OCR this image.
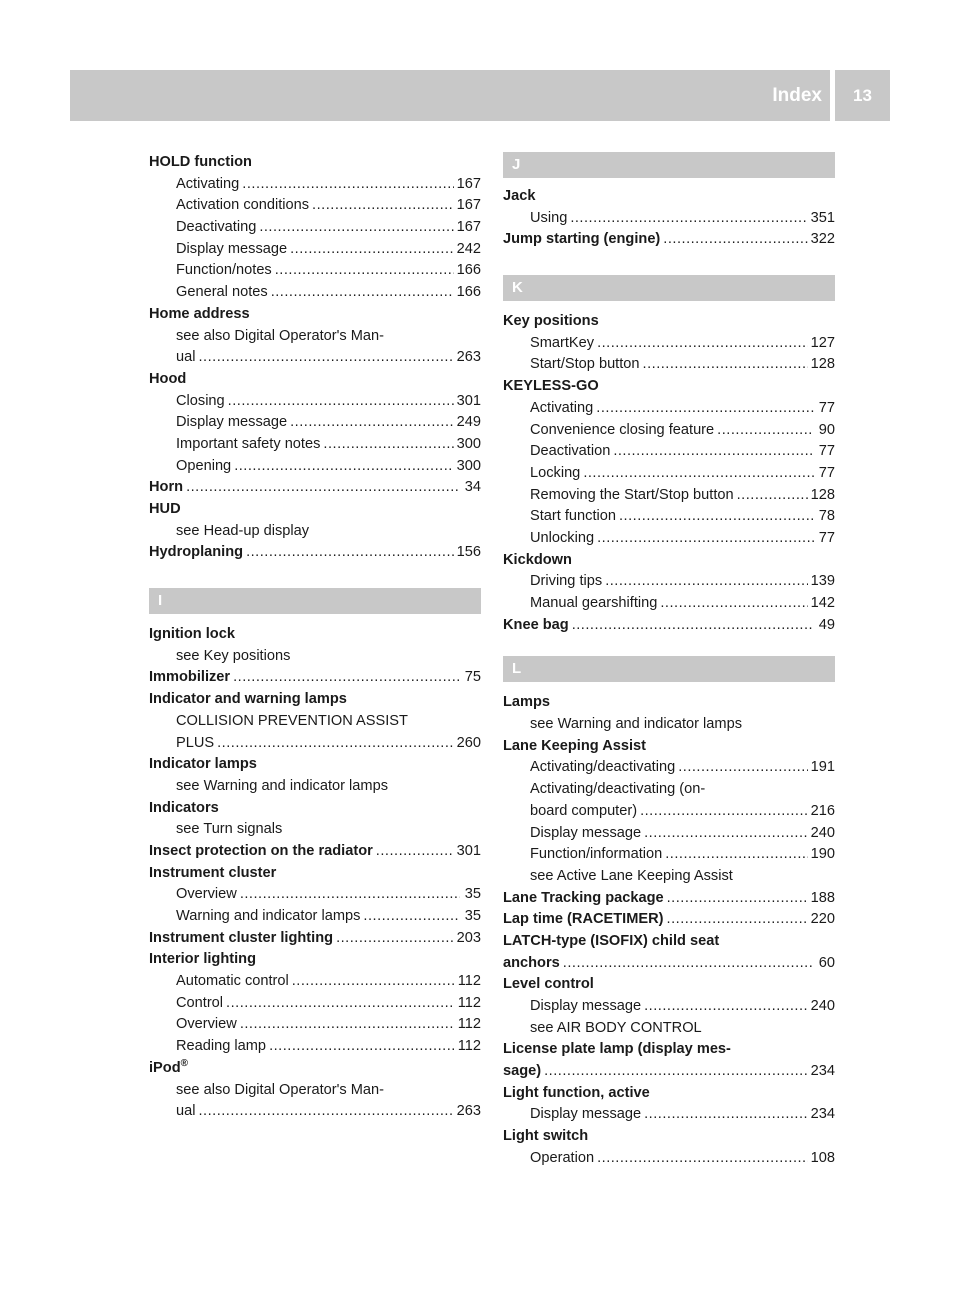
Index	13
HOLD function
Activating .....	167
Activation conditions .....	167
Deactivating .....	167
Display message .....	242
Function/notes .....	166
General notes .....	166
Home address
see also Digital Operator's Man-
ual .....	263
Hood
Closing .....	301
Display message .....	249
Important safety notes .....	300
Opening .....	300
Horn .....	34
HUD
see Head-up display
Hydroplaning .....	156
I
Ignition lock
see Key positions
Immobilizer .....	75
Indicator and warning lamps
COLLISION PREVENTION ASSIST
PLUS .....	260
Indicator lamps
see Warning and indicator lamps
Indicators
see Turn signals
Insect protection on the radiator .....	301
Instrument cluster
Overview .....	35
Warning and indicator lamps .....	35
Instrument cluster lighting .....	203
Interior lighting
Automatic control .....	112
Control .....	112
Overview .....	112
Reading lamp .....	112
iPod®
see also Digital Operator's Man-
ual .....	263
J
Jack
Using .....	351
Jump starting (engine) .....	322
K
Key positions
SmartKey .....	127
Start/Stop button .....	128
KEYLESS-GO
Activating .....	77
Convenience closing feature .....	90
Deactivation .....	77
Locking .....	77
Removing the Start/Stop button .....	128
Start function .....	78
Unlocking .....	77
Kickdown
Driving tips .....	139
Manual gearshifting .....	142
Knee bag .....	49
L
Lamps
see Warning and indicator lamps
Lane Keeping Assist
Activating/deactivating .....	191
Activating/deactivating (on-
board computer) .....	216
Display message .....	240
Function/information .....	190
see Active Lane Keeping Assist
Lane Tracking package .....	188
Lap time (RACETIMER) .....	220
LATCH-type (ISOFIX) child seat
anchors .....	60
Level control
Display message .....	240
see AIR BODY CONTROL
License plate lamp (display mes-
sage) .....	234
Light function, active
Display message .....	234
Light switch
Operation .....	108
